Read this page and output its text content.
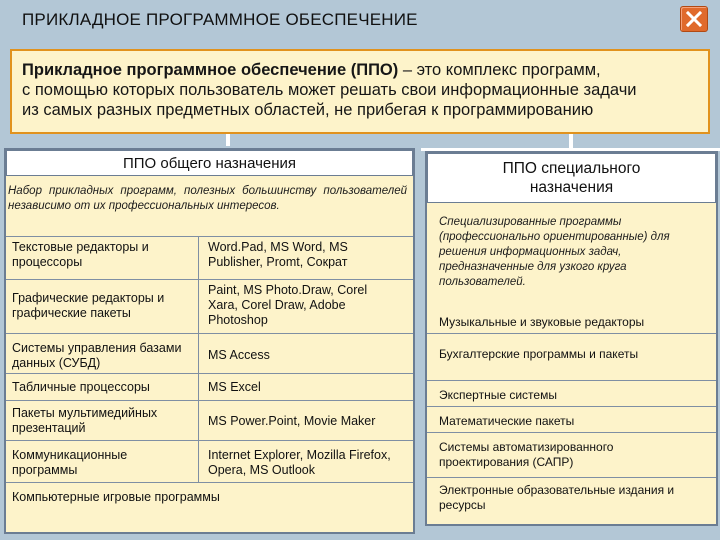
ПРИКЛАДНОЕ ПРОГРАММНОЕ ОБЕСПЕЧЕНИЕ
Прикладное программное обеспечение (ППО) – это комплекс программ,
с помощью которых пользователь может решать свои информационные задачи
из самых разных предметных областей, не прибегая к программированию
ППО общего назначения
Набор прикладных программ, полезных большинству пользователей независимо от их профессиональных интересов.
Текстовые редакторы и процессоры
Word.Pad, MS Word, MS Publisher, Promt, Сократ
Графические редакторы и графические пакеты
Paint, MS Photo.Draw, Corel Xara, Corel Draw, Adobe Photoshop
Системы управления базами данных (СУБД)
MS Access
Табличные процессоры	MS Excel
Пакеты мультимедийных презентаций	MS Power.Point, Movie Maker
Коммуникационные программы
Internet Explorer, Mozilla Firefox, Opera, MS Outlook
Компьютерные игровые программы
ППО специального назначения
Специализированные программы (профессионально ориентированные) для решения информационных задач, предназначенные для узкого круга пользователей.
Музыкальные и звуковые редакторы
Бухгалтерские программы и пакеты
Экспертные системы
Математические пакеты
Системы автоматизированного проектирования (САПР)
Электронные образовательные издания и ресурсы
